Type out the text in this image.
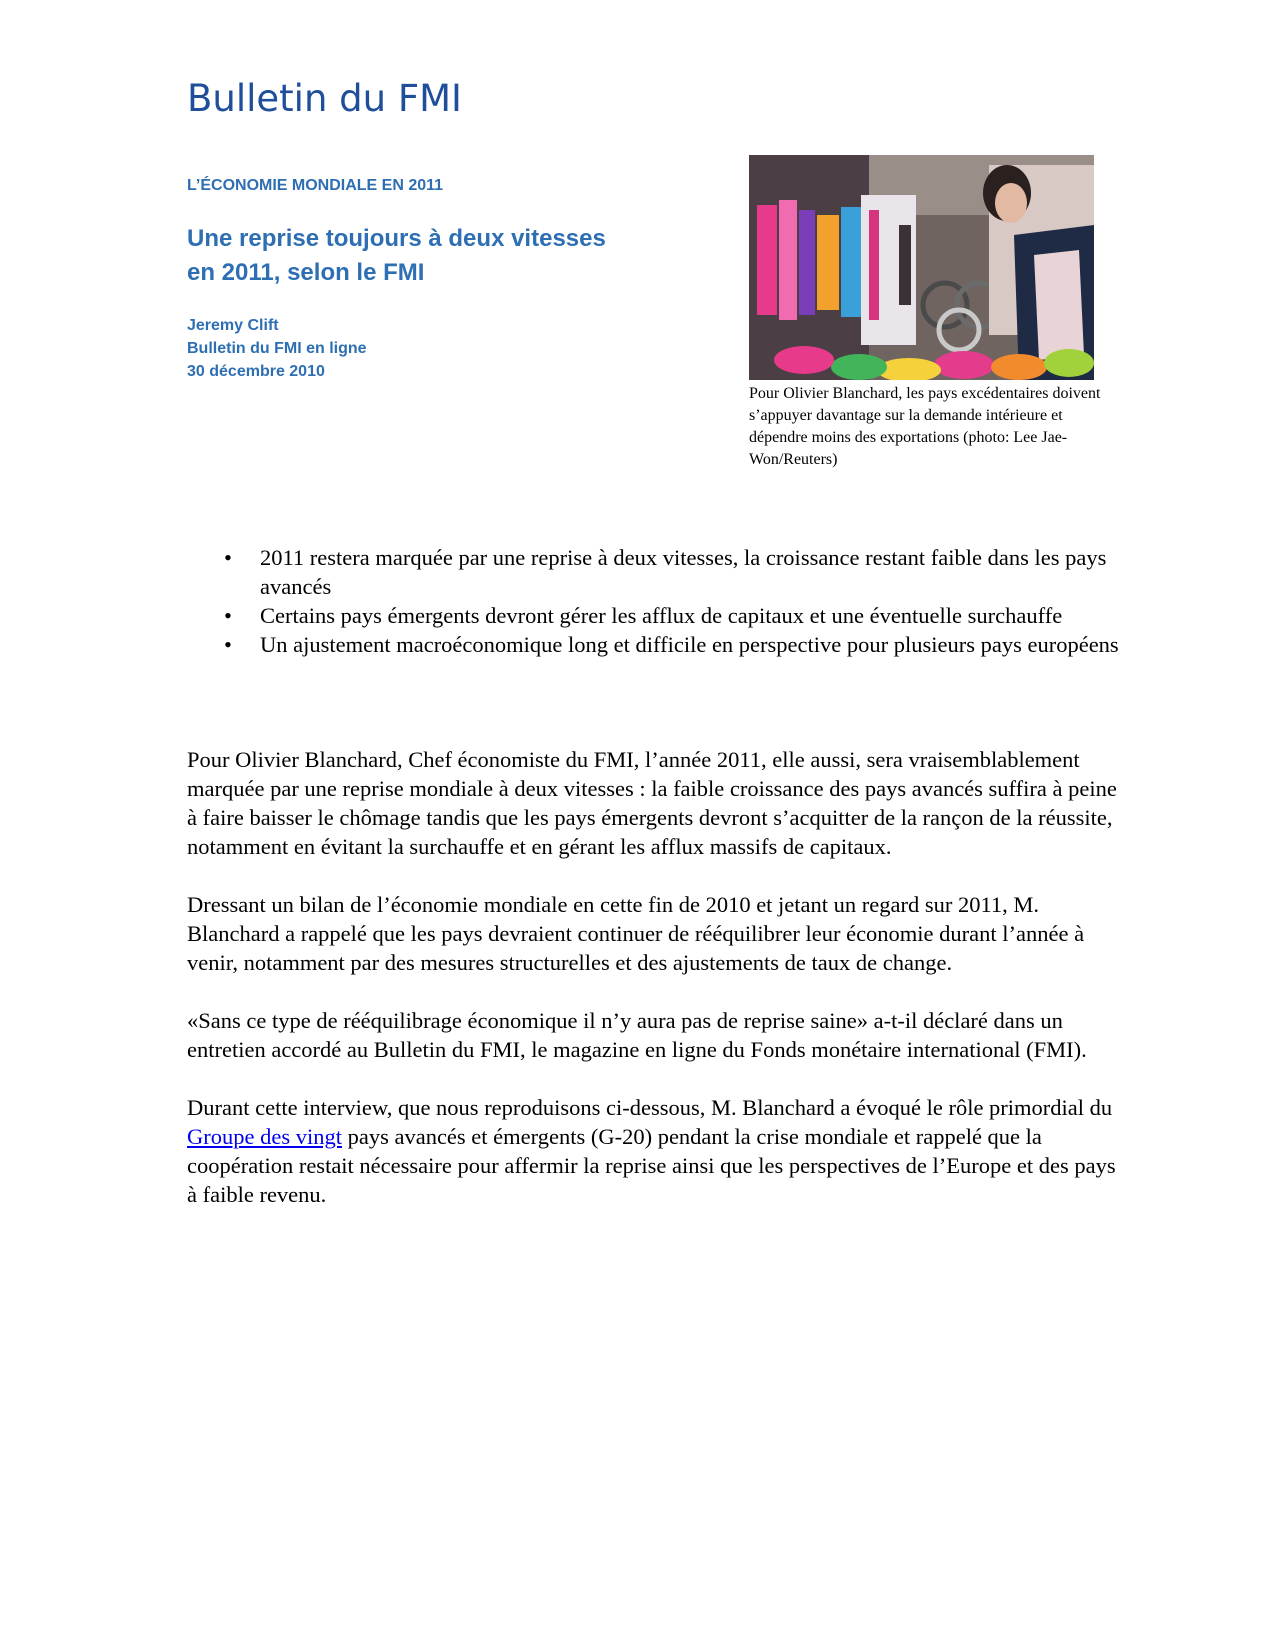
Bulletin du FMI
L’ÉCONOMIE MONDIALE EN 2011
Une reprise toujours à deux vitesses
en 2011, selon le FMI
Jeremy Clift
Bulletin du FMI en ligne
30 décembre 2010
Pour Olivier Blanchard, les pays excédentaires doivent s’appuyer davantage sur la demande intérieure et dépendre moins des exportations (photo: Lee Jae-Won/Reuters)
• 2011 restera marquée par une reprise à deux vitesses, la croissance restant faible dans les pays avancés
• Certains pays émergents devront gérer les afflux de capitaux et une éventuelle surchauffe
• Un ajustement macroéconomique long et difficile en perspective pour plusieurs pays européens

Pour Olivier Blanchard, Chef économiste du FMI, l’année 2011, elle aussi, sera vraisemblablement marquée par une reprise mondiale à deux vitesses : la faible croissance des pays avancés suffira à peine à faire baisser le chômage tandis que les pays émergents devront s’acquitter de la rançon de la réussite, notamment en évitant la surchauffe et en gérant les afflux massifs de capitaux.

Dressant un bilan de l’économie mondiale en cette fin de 2010 et jetant un regard sur 2011, M. Blanchard a rappelé que les pays devraient continuer de rééquilibrer leur économie durant l’année à venir, notamment par des mesures structurelles et des ajustements de taux de change.

«Sans ce type de rééquilibrage économique il n’y aura pas de reprise saine» a-t-il déclaré dans un entretien accordé au Bulletin du FMI, le magazine en ligne du Fonds monétaire international (FMI).

Durant cette interview, que nous reproduisons ci-dessous, M. Blanchard a évoqué le rôle primordial du Groupe des vingt pays avancés et émergents (G-20) pendant la crise mondiale et rappelé que la coopération restait nécessaire pour affermir la reprise ainsi que les perspectives de l’Europe et des pays à faible revenu.
